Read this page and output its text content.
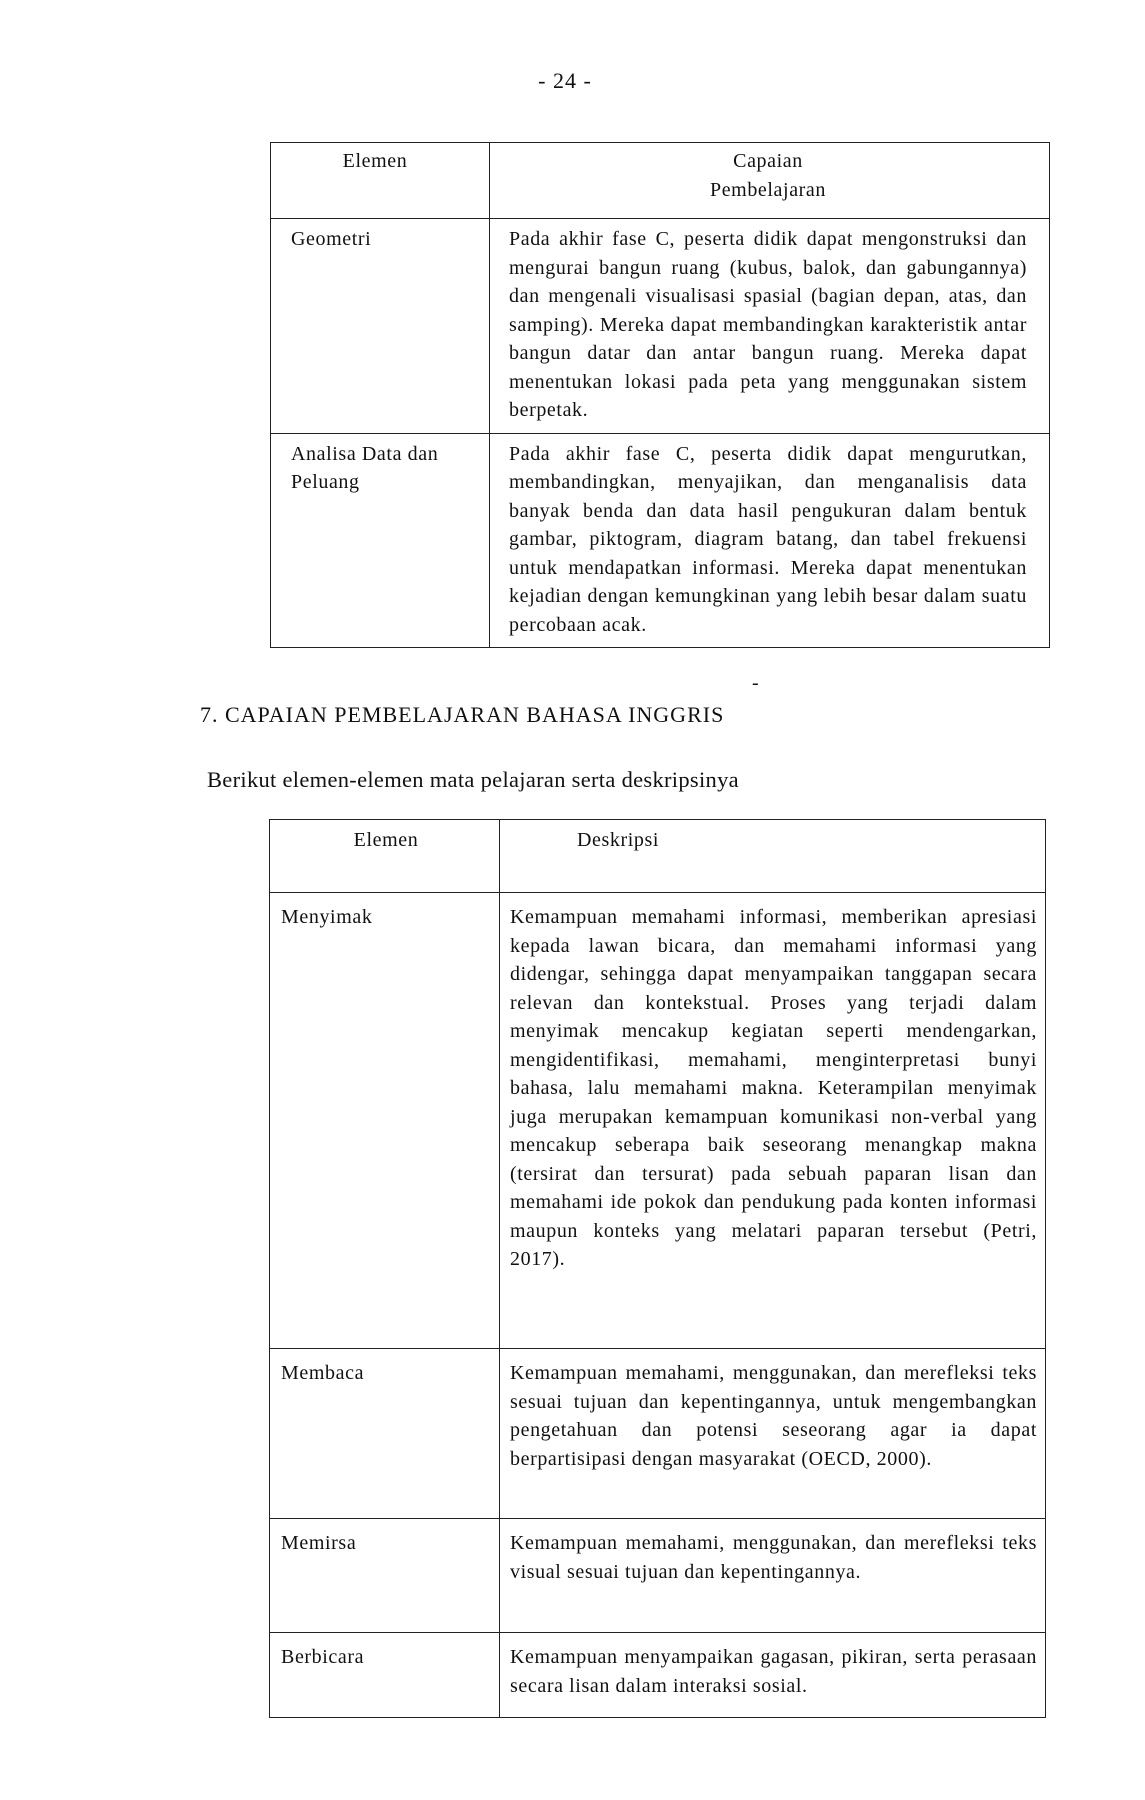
- 24 -
Elemen	Capaian
Pembelajaran

Geometri	Pada akhir fase C, peserta didik dapat mengonstruksi dan mengurai bangun ruang (kubus, balok, dan gabungannya) dan mengenali visualisasi spasial (bagian depan, atas, dan samping). Mereka dapat membandingkan karakteristik antar bangun datar dan antar bangun ruang. Mereka dapat menentukan lokasi pada peta yang menggunakan sistem berpetak.
Analisa Data dan Peluang	Pada akhir fase C, peserta didik dapat mengurutkan, membandingkan, menyajikan, dan menganalisis data banyak benda dan data hasil pengukuran dalam bentuk gambar, piktogram, diagram batang, dan tabel frekuensi untuk mendapatkan informasi. Mereka dapat menentukan kejadian dengan kemungkinan yang lebih besar dalam suatu percobaan acak.
-
7. CAPAIAN PEMBELAJARAN BAHASA INGGRIS
Berikut elemen-elemen mata pelajaran serta deskripsinya
Elemen	Deskripsi
Menyimak	Kemampuan memahami informasi, memberikan apresiasi kepada lawan bicara, dan memahami informasi yang didengar, sehingga dapat menyampaikan tanggapan secara relevan dan kontekstual. Proses yang terjadi dalam menyimak mencakup kegiatan seperti mendengarkan, mengidentifikasi, memahami, menginterpretasi bunyi bahasa, lalu memahami makna. Keterampilan menyimak juga merupakan kemampuan komunikasi non-verbal yang mencakup seberapa baik seseorang menangkap makna (tersirat dan tersurat) pada sebuah paparan lisan dan memahami ide pokok dan pendukung pada konten informasi maupun konteks yang melatari paparan tersebut (Petri, 2017).
Membaca	Kemampuan memahami, menggunakan, dan merefleksi teks sesuai tujuan dan kepentingannya, untuk mengembangkan pengetahuan dan potensi seseorang agar ia dapat berpartisipasi dengan masyarakat (OECD, 2000).
Memirsa	Kemampuan memahami, menggunakan, dan merefleksi teks visual sesuai tujuan dan kepentingannya.
Berbicara	Kemampuan menyampaikan gagasan, pikiran, serta perasaan secara lisan dalam interaksi sosial.
